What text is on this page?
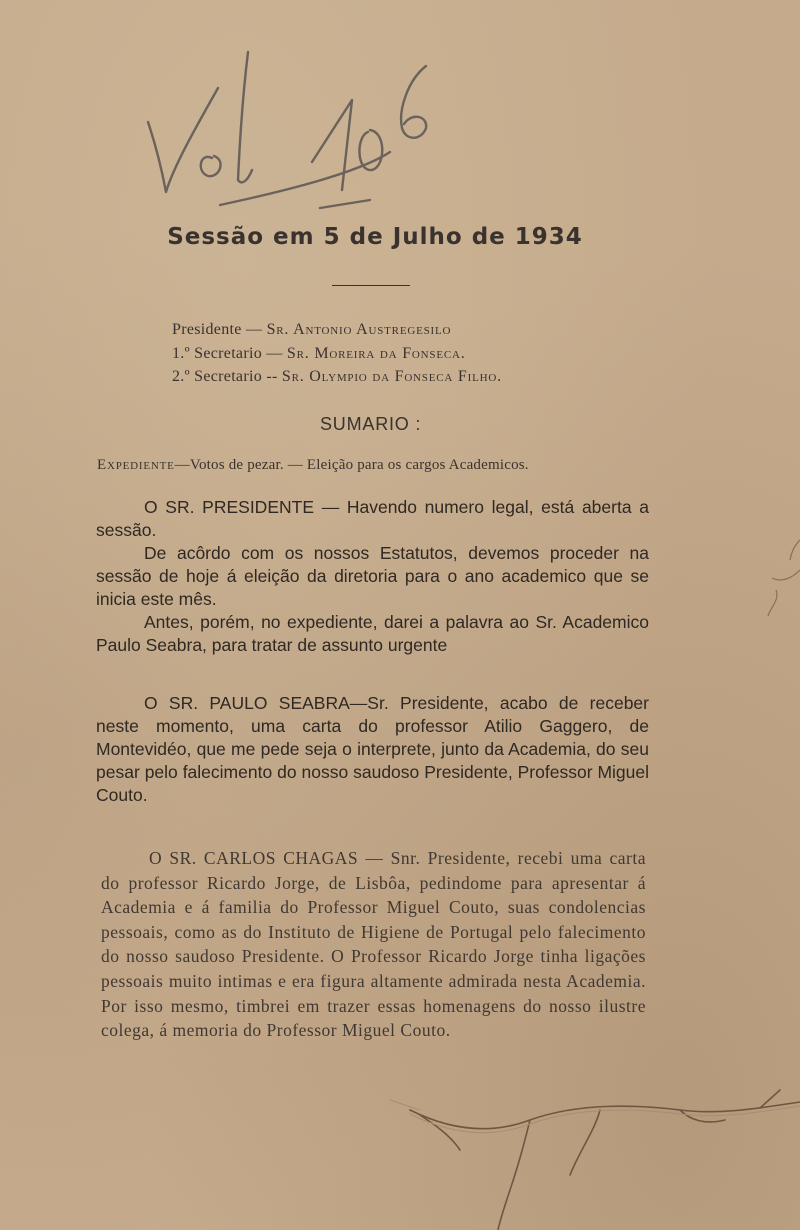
Sessão em 5 de Julho de 1934
Presidente — Sr. Antonio Austregesilo
1.º Secretario — Sr. Moreira da Fonseca.
2.º Secretario -- Sr. Olympio da Fonseca Filho.
SUMARIO :
Expediente—Votos de pezar. — Eleição para os cargos Academicos.

O SR. PRESIDENTE — Havendo numero legal, está aberta a sessão.

De acôrdo com os nossos Estatutos, devemos proceder na sessão de hoje á eleição da diretoria para o ano academico que se inicia este mês.

Antes, porém, no expediente, darei a palavra ao Sr. Academico Paulo Seabra, para tratar de assunto urgente

O SR. PAULO SEABRA—Sr. Presidente, acabo de receber neste momento, uma carta do professor Atilio Gaggero, de Montevidéo, que me pede seja o interprete, junto da Academia, do seu pesar pelo falecimento do nosso saudoso Presidente, Professor Miguel Couto.

O SR. CARLOS CHAGAS — Snr. Presidente, recebi uma carta do professor Ricardo Jorge, de Lisbôa, pedindome para apresentar á Academia e á familia do Professor Miguel Couto, suas condolencias pessoais, como as do Instituto de Higiene de Portugal pelo falecimento do nosso saudoso Presidente. O Professor Ricardo Jorge tinha ligações pessoais muito intimas e era figura altamente admirada nesta Academia. Por isso mesmo, timbrei em trazer essas homenagens do nosso ilustre colega, á memoria do Professor Miguel Couto.
